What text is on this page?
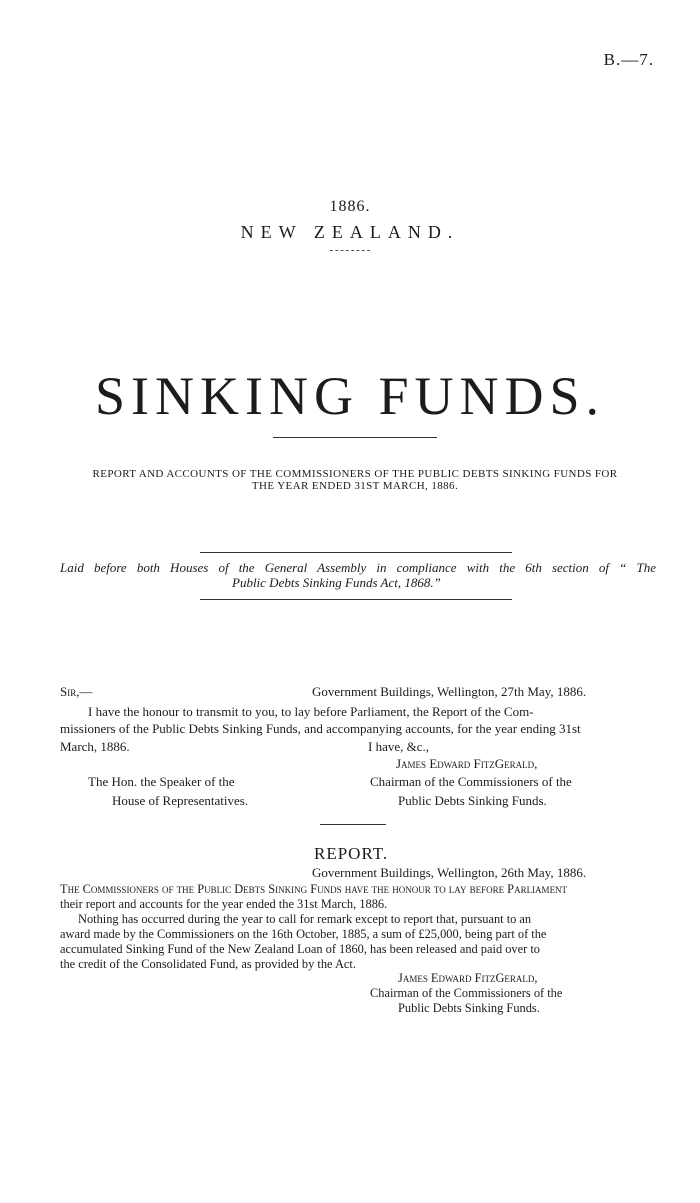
B.—7.
1886.
NEW ZEALAND.
SINKING FUNDS.
REPORT AND ACCOUNTS OF THE COMMISSIONERS OF THE PUBLIC DEBTS SINKING FUNDS FOR
THE YEAR ENDED 31ST MARCH, 1886.
Laid before both Houses of the General Assembly in compliance with the 6th section of “ The
Public Debts Sinking Funds Act, 1868.”
Sir,—	Government Buildings, Wellington, 27th May, 1886.
I have the honour to transmit to you, to lay before Parliament, the Report of the Com-
missioners of the Public Debts Sinking Funds, and accompanying accounts, for the year ending 31st
March, 1886.	I have, &c.,
James Edward FitzGerald,
Chairman of the Commissioners of the
Public Debts Sinking Funds.
The Hon. the Speaker of the
House of Representatives.
REPORT.
Government Buildings, Wellington, 26th May, 1886.
The Commissioners of the Public Debts Sinking Funds have the honour to lay before Parliament
their report and accounts for the year ended the 31st March, 1886.
Nothing has occurred during the year to call for remark except to report that, pursuant to an
award made by the Commissioners on the 16th October, 1885, a sum of £25,000, being part of the
accumulated Sinking Fund of the New Zealand Loan of 1860, has been released and paid over to
the credit of the Consolidated Fund, as provided by the Act.
James Edward FitzGerald,
Chairman of the Commissioners of the
Public Debts Sinking Funds.
